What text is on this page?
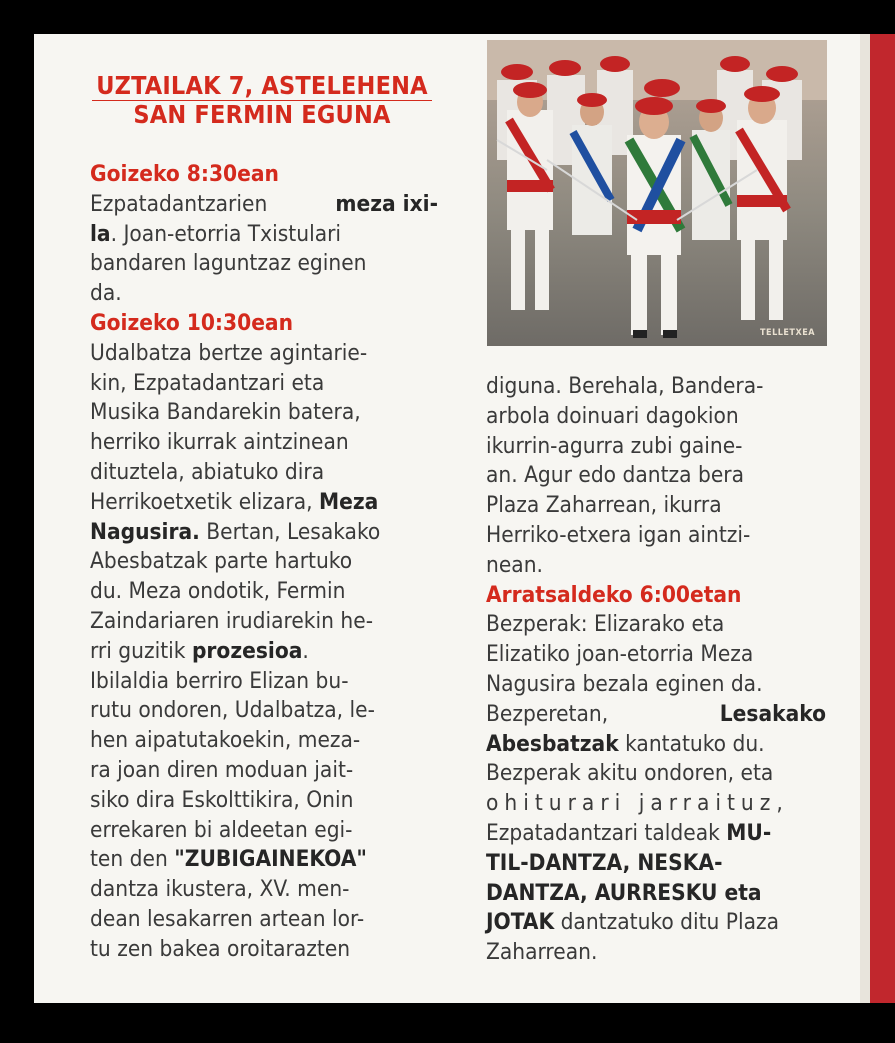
UZTAILAK 7, ASTELEHENA
SAN FERMIN EGUNA
TELLETXEA

Goizeko 8:30ean

Ezpatadantzarien	meza ixi-

la. Joan-etorria Txistulari

bandaren laguntzaz eginen

da.

Goizeko 10:30ean

Udalbatza bertze agintarie-

kin, Ezpatadantzari eta

Musika Bandarekin batera,

herriko ikurrak aintzinean

dituztela, abiatuko dira

Herrikoetxetik elizara, Meza

Nagusira. Bertan, Lesakako

Abesbatzak parte hartuko

du. Meza ondotik, Fermin

Zaindariaren irudiarekin he-

rri guzitik prozesioa.

Ibilaldia berriro Elizan bu-

rutu ondoren, Udalbatza, le-

hen aipatutakoekin, meza-

ra joan diren moduan jait-

siko dira Eskolttikira, Onin

errekaren bi aldeetan egi-

ten den "ZUBIGAINEKOA"

dantza ikustera, XV. men-

dean lesakarren artean lor-

tu zen bakea oroitarazten

diguna. Berehala, Bandera-

arbola doinuari dagokion

ikurrin-agurra zubi gaine-

an. Agur edo dantza bera

Plaza Zaharrean, ikurra

Herriko-etxera igan aintzi-

nean.

Arratsaldeko 6:00etan

Bezperak: Elizarako eta

Elizatiko joan-etorria Meza

Nagusira bezala eginen da.

Bezperetan,	Lesakako

Abesbatzak kantatuko du.

Bezperak akitu ondoren, eta

ohiturari jarraituz,

Ezpatadantzari taldeak MU-

TIL-DANTZA, NESKA-

DANTZA, AURRESKU eta

JOTAK dantzatuko ditu Plaza

Zaharrean.
